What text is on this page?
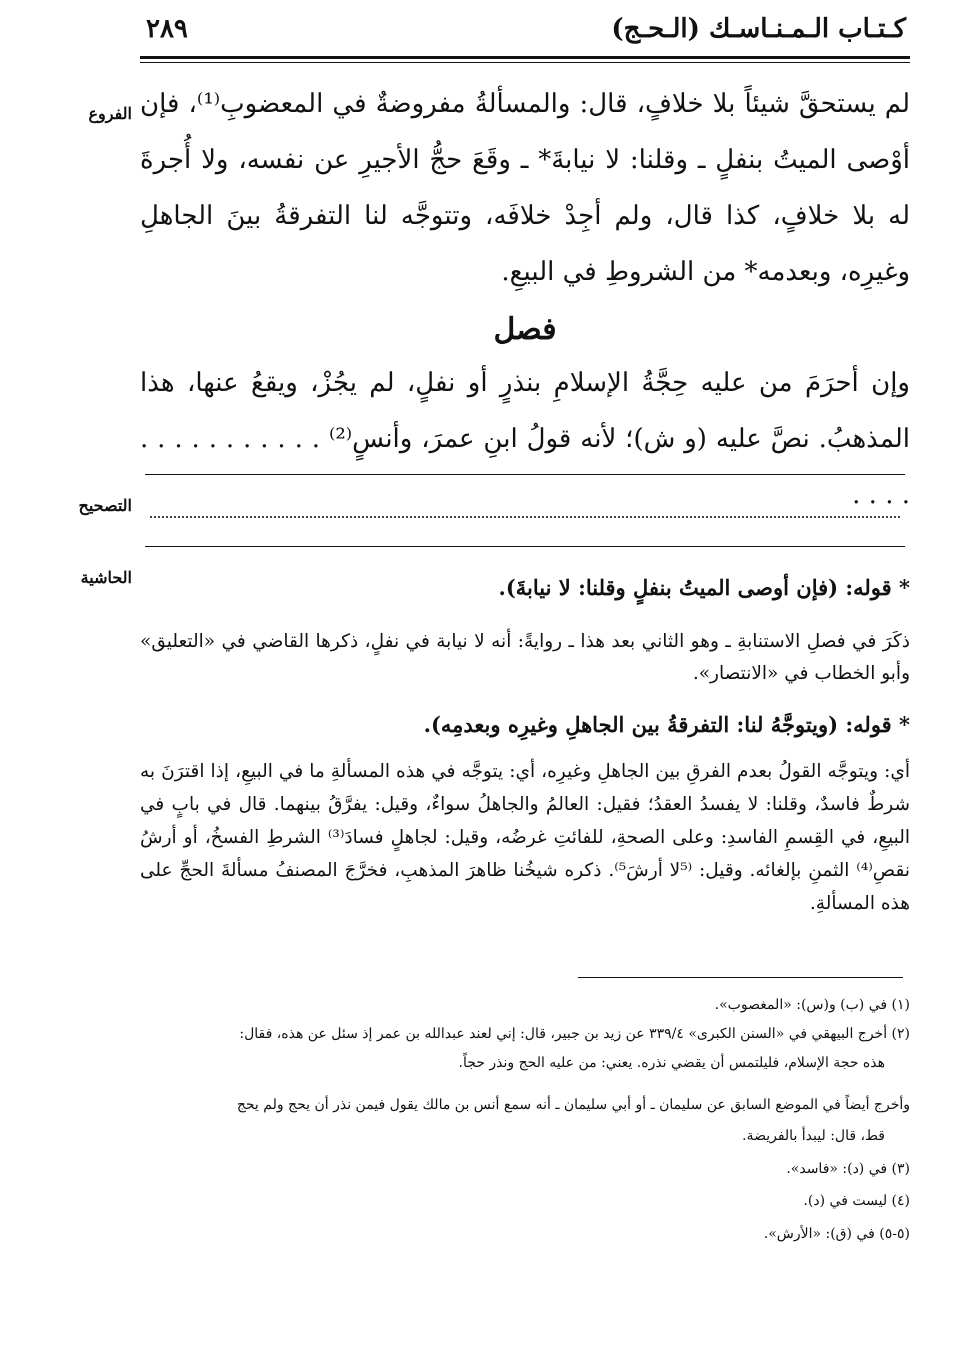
٢٨٩	كـتـاب الـمـنـاسـك (الـحـج)
الفروع
التصحيح
الحاشية
لم يستحقَّ شيئاً بلا خلافٍ، قال: والمسألةُ مفروضةٌ في المعضوبِ⁽¹⁾، فإن أوْصى الميتُ بنفلٍ ـ وقلنا: لا نيابةَ* ـ وقَعَ حجُّ الأجيرِ عن نفسه، ولا أُجرةَ له بلا خلافٍ، كذا قال، ولم أجِدْ خلافَه، وتتوجَّه لنا التفرقةُ بينَ الجاهلِ وغيرِه، وبعدمه* من الشروطِ في البيعِ.
فصل
وإن أحرَمَ من عليه حِجَّةُ الإسلامِ بنذرٍ أو نفلٍ، لم يجُزْ، ويقعُ عنها، هذا المذهبُ. نصَّ عليه (و ش)؛ لأنه قولُ ابنِ عمرَ، وأنسٍ⁽²⁾ . . . . . . . . . . . . . . .
* قوله: (فإن أوصى الميتُ بنفلٍ وقلنا: لا نيابةَ).
ذكَرَ في فصلِ الاستنابةِ ـ وهو الثاني بعد هذا ـ روايةً: أنه لا نيابة في نفلٍ، ذكرها القاضي في «التعليق» وأبو الخطاب في «الانتصار».
* قوله: (ويتوجَّهُ لنا: التفرقةُ بين الجاهلِ وغيرِه وبعدمِه).
أي: ويتوجَّه القولُ بعدم الفرقِ بين الجاهلِ وغيرِه، أي: يتوجَّه في هذه المسألةِ ما في البيعِ، إذا اقترَنَ به شرطٌ فاسدٌ، وقلنا: لا يفسدُ العقدُ؛ فقيل: العالمُ والجاهلُ سواءٌ، وقيل: يفرَّقُ بينهما. قال في بابٍ في البيعِ، في القِسمِ الفاسدِ: وعلى الصحةِ، للفائتِ غرضُه، وقيل: لجاهلٍ فسادَ⁽³⁾ الشرطِ الفسخُ، أو أرشُ نقصِ⁽⁴⁾ الثمنِ بإلغائه. وقيل: ⁽⁵لا أرشَ⁵⁾. ذكره شيخُنا ظاهرَ المذهبِ، فخرَّجَ المصنفُ مسألةَ الحجِّ على هذه المسألةِ.
(١) في (ب) و(س): «المغصوب».
(٢) أخرج البيهقي في «السنن الكبرى» ٣٣٩/٤ عن زيد بن جبير، قال: إني لعند عبدالله بن عمر إذ سئل عن هذه، فقال:
هذه حجة الإسلام، فليلتمس أن يقضي نذره. يعني: من عليه الحج ونذر حجاً.
وأخرج أيضاً في الموضع السابق عن سليمان ـ أو أبي سليمان ـ أنه سمع أنس بن مالك يقول فيمن نذر أن يحج ولم يحج
قط، قال: ليبدأ بالفريضة.
(٣) في (د): «فاسد».
(٤) ليست في (د).
(٥-٥) في (ق): «الأرش».
